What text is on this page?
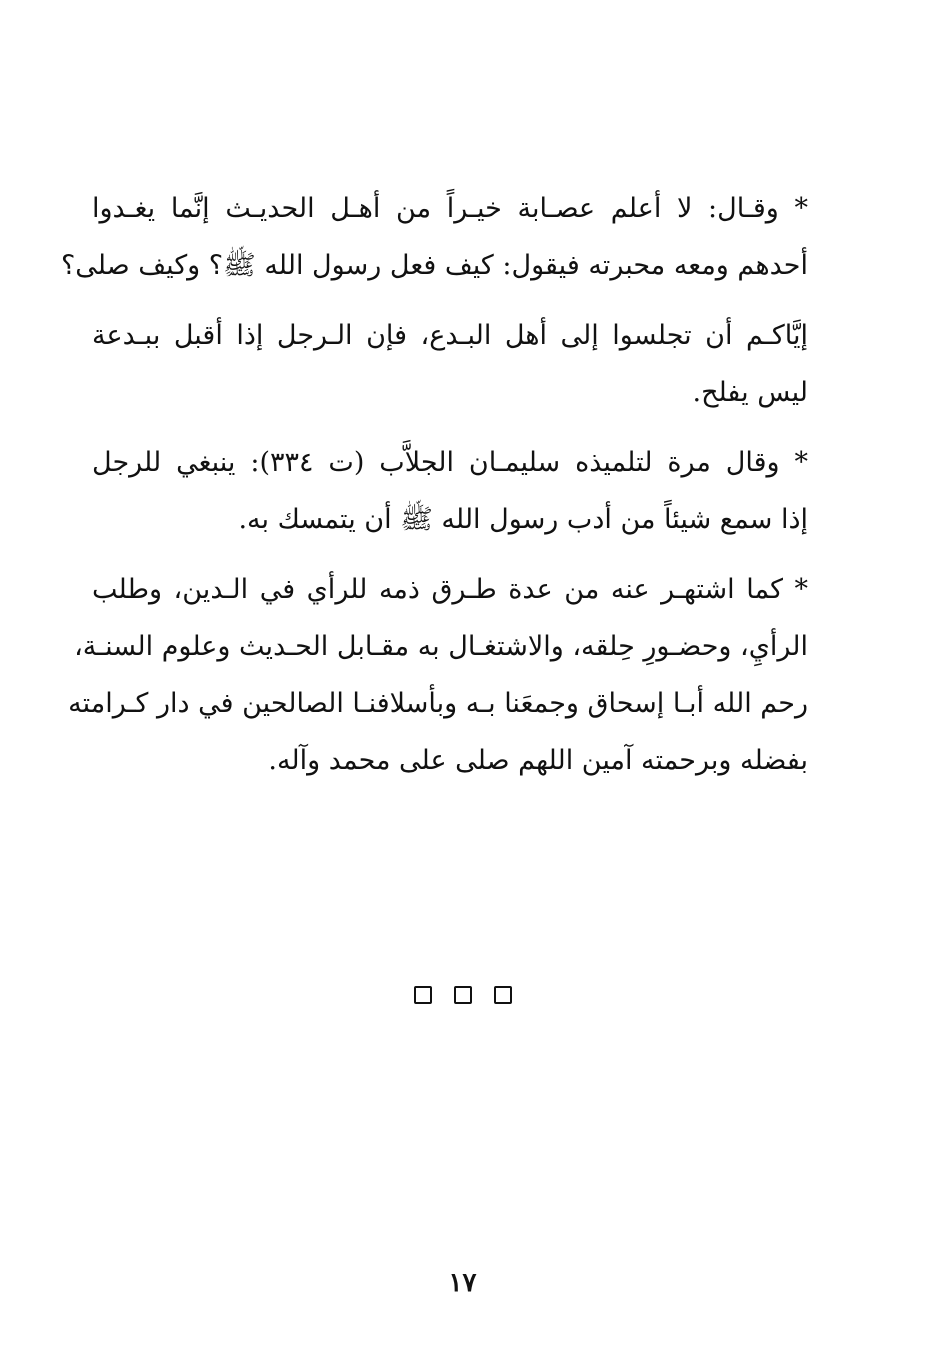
* وقـال: لا أعلم عصـابة خيـراً من أهـل الحديـث إنَّما يغـدوا
أحدهم ومعه محبرته فيقول: كيف فعل رسول الله ﷺ؟ وكيف صلى؟

إيَّاكـم أن تجلسوا إلى أهل البـدع، فإن الـرجل إذا أقبل ببـدعة
ليس يفلح.

* وقال مرة لتلميذه سليمـان الجلاَّب (ت ٣٣٤): ينبغي للرجل
إذا سمع شيئاً من أدب رسول الله ﷺ أن يتمسك به.

* كما اشتهـر عنه من عدة طـرق ذمه للرأي في الـدين، وطلب
الرأيِ، وحضـورِ حِلقه، والاشتغـال به مقـابل الحـديث وعلوم السنـة،
رحم الله أبـا إسحاق وجمعَنا بـه وبأسلافنـا الصالحين في دار كـرامته
بفضله وبرحمته آمين اللهم صلى على محمد وآله.

١٧
